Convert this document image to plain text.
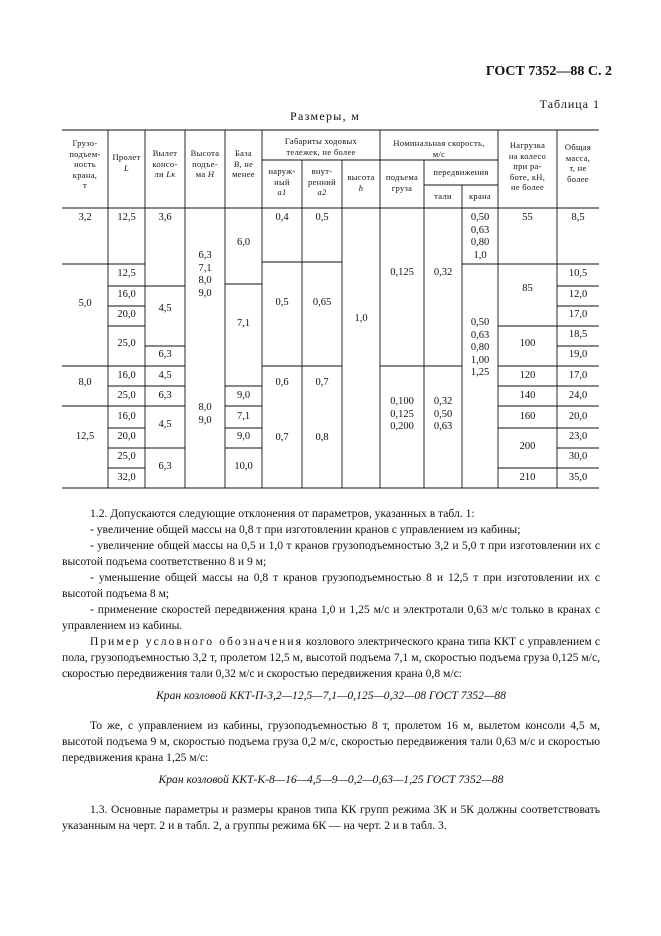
ГОСТ 7352—88 С. 2
Таблица 1
Размеры, м
Грузо-
подъем-
ность
крана,
т
Пролет
L
Вылет
консо-
ли Lк
Высота
подъе-
ма H
База
B, не
менее
Габариты ходовых
тележек, не более
наруж-
ный
a1
внут-
ренний
a2
высота
h
Номинальная скорость,
м/с
подъема
груза
передвижения
тали	крана
Нагрузка
на колесо
при ра-
боте, кН,
не более
Общая
масса,
т, не
более
3,2
5,0
8,0
12,5
12,5
12,5
16,0
20,0
25,0
16,0
25,0
16,0
20,0
25,0
32,0
3,6
4,5
6,3
4,5
6,3
4,5
6,3
6,3
7,1
8,0
9,0
8,0
9,0
6,0
7,1
9,0
7,1
9,0
10,0
0,4
0,5
0,6
0,7
0,5
0,65
0,7
0,8
1,0
0,125
0,100
0,125
0,200
0,32
0,32
0,50
0,63
0,50
0,63
0,80
1,0
0,50
0,63
0,80
1,00
1,25
55
85
100
120
140
160
200
210
8,5
10,5
12,0
17,0
18,5
19,0
17,0
24,0
20,0
23,0
30,0
35,0
1.2. Допускаются следующие отклонения от параметров, указанных в табл. 1:
- увеличение общей массы на 0,8 т при изготовлении кранов с управлением из кабины;
- увеличение общей массы на 0,5 и 1,0 т кранов грузоподъемностью 3,2 и 5,0 т при изготовлении их с высотой подъема соответственно 8 и 9 м;
- уменьшение общей массы на 0,8 т кранов грузоподъемностью 8 и 12,5 т при изготовлении их с высотой подъема 8 м;
- применение скоростей передвижения крана 1,0 и 1,25 м/с и электротали 0,63 м/с только в кранах с управлением из кабины.
Пример условного обозначения козлового электрического крана типа ККТ с управлением с пола, грузоподъемностью 3,2 т, пролетом 12,5 м, высотой подъема 7,1 м, скоростью подъема груза 0,125 м/с, скоростью передвижения тали 0,32 м/с и скоростью передвижения крана 0,8 м/с:
Кран козловой ККТ-П-3,2—12,5—7,1—0,125—0,32—08 ГОСТ 7352—88
То же, с управлением из кабины, грузоподъемностью 8 т, пролетом 16 м, вылетом консоли 4,5 м, высотой подъема 9 м, скоростью подъема груза 0,2 м/с, скоростью передвижения тали 0,63 м/с и скоростью передвижения крана 1,25 м/с:
Кран козловой ККТ-К-8—16—4,5—9—0,2—0,63—1,25 ГОСТ 7352—88
1.3. Основные параметры и размеры кранов типа КК групп режима 3К и 5К должны соответствовать указанным на черт. 2 и в табл. 2, а группы режима 6К — на черт. 2 и в табл. 3.
